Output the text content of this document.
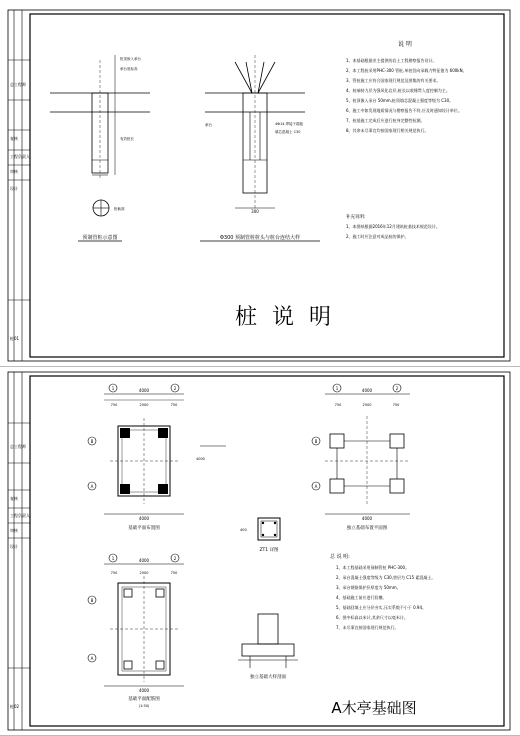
总工程师
复核
工程负责人
审核
设计
桩01
桩顶嵌入承台
承台底标高
有效桩长
桩截面
预制管桩示意图
300
4Φ14 焊接于端板
填芯混凝土 C30
承台
Φ300 预制管桩桩头与桩台连结大样
说 明
1、本基础根据业主提供的岩土工程勘察报告设计。
2、本工程桩采用PHC-300 管桩,单桩竖向承载力特征值为 600kN。
3、管桩施工应符合国家现行规范及图集的有关要求。
4、桩端持力层为强风化岩层,桩长以收锤贯入度控制为主。
5、桩顶嵌入承台 50mm,桩顶填芯混凝土强度等级为 C30。
6、施工中如发现地质情况与勘察报告不符,应及时通知设计单位。
7、桩基施工完成后应进行桩身完整性检测。
8、其余未尽事宜均按国家现行相关规范执行。
补充说明:
1、本图纸根据2016年12月建筑桩基技术规范设计。
2、施工时应注意对成品桩的保护。
桩 说 明
总工程师
复核
工程负责人
审核
设计
桩02
4000
750	2500	750
1	2
B
A
4000
4000
基础平面布置图
4000
750	2500	750
1	2
B
A
4000
独立基础布置平面图
400
ZT1 详图
4000
750	2500	750
1	2
B
A
4000
基础平面配筋图
(1:50)
独立基础大样剖面
总 说 明:
1、本工程基础采用预制管桩 PHC-300。
2、承台混凝土强度等级为 C30,垫层为 C15 素混凝土。
3、承台钢筋保护层厚度为 50mm。
4、基础施工前应进行验槽。
5、基础回填土应分层夯实,压实系数不小于 0.94。
6、图中标高以米计,其余尺寸以毫米计。
7、未尽事宜按国家现行规范执行。
A木亭基础图
